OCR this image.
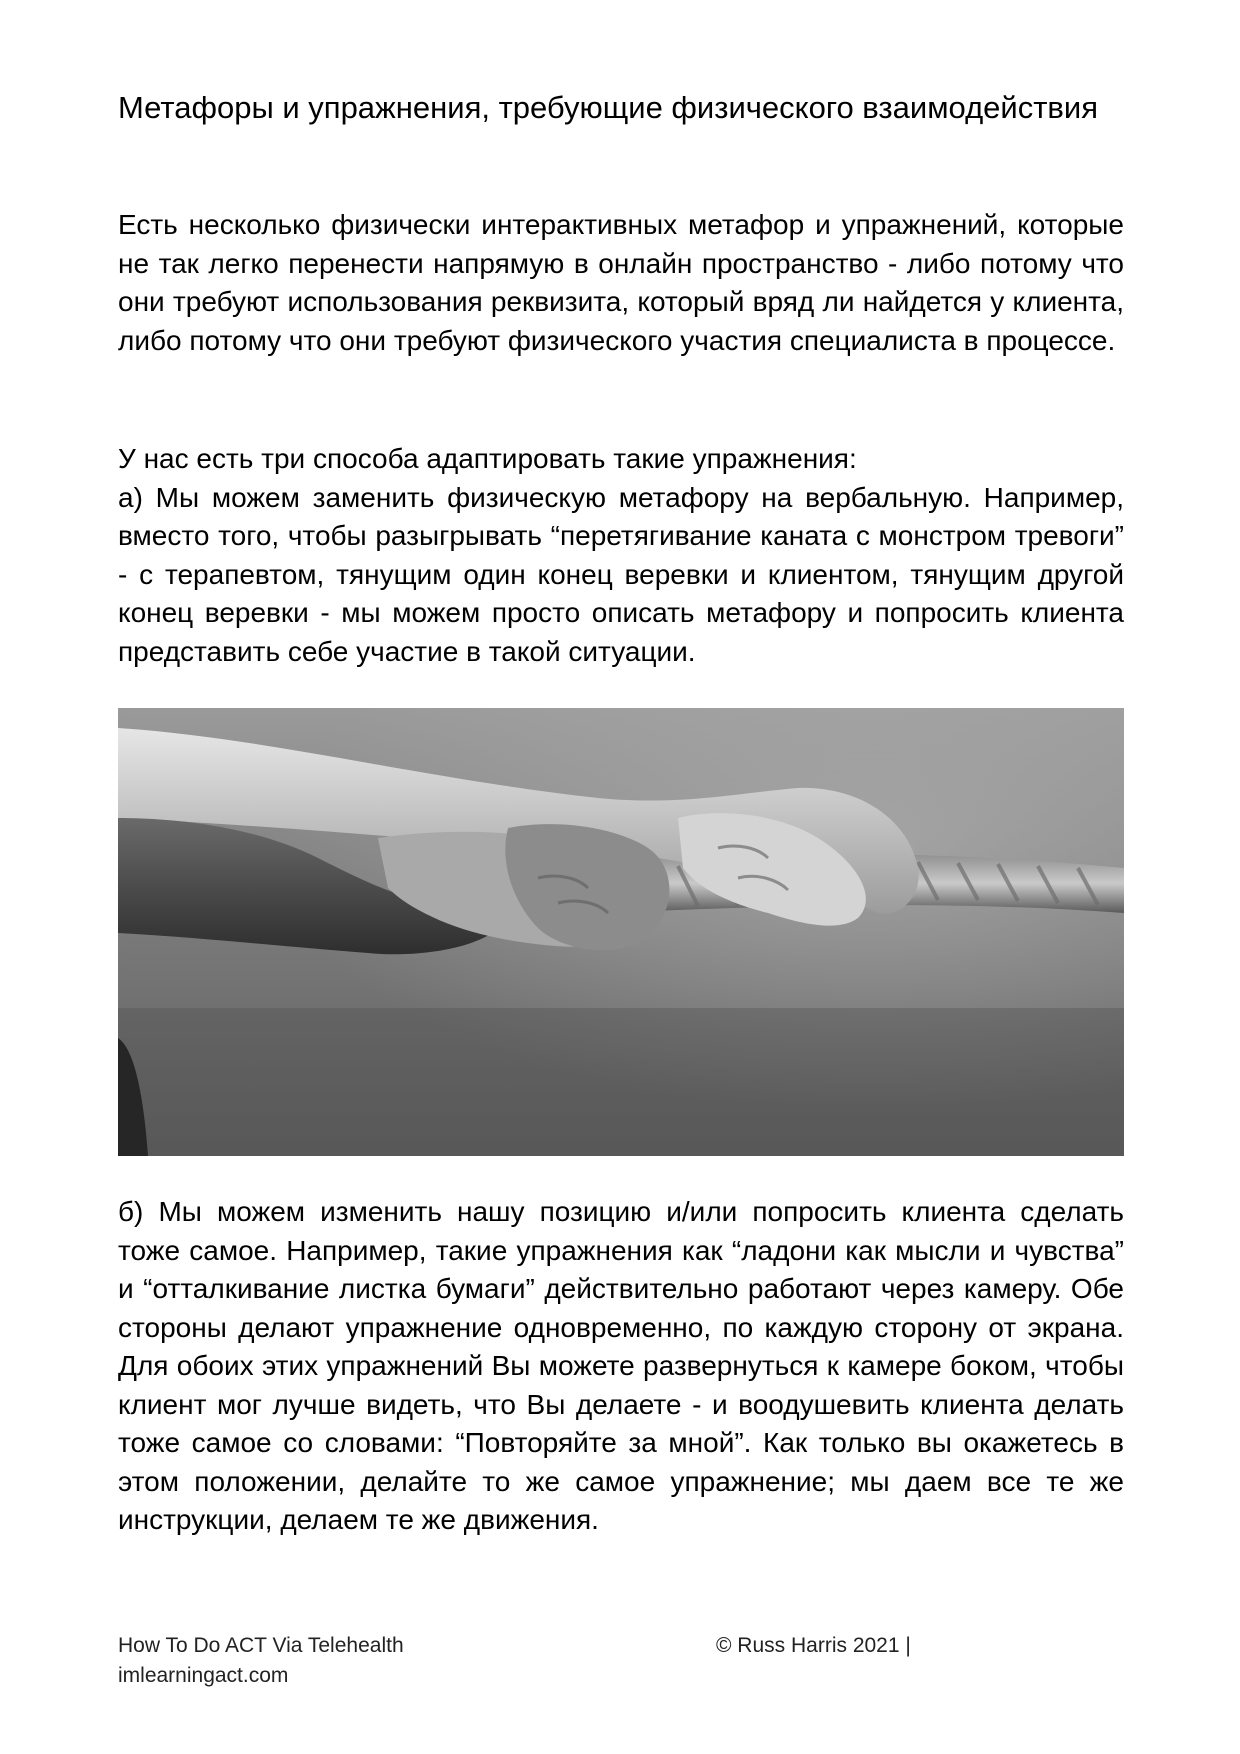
Метафоры и упражнения, требующие физического взаимодействия

Есть несколько физически интерактивных метафор и упражнений, которые не так легко перенести напрямую в онлайн пространство - либо потому что они требуют использования реквизита, который вряд ли найдется у клиента, либо потому что они требуют физического участия специалиста в процессе.

У нас есть три способа адаптировать такие упражнения:
а) Мы можем заменить физическую метафору на вербальную. Например, вместо того, чтобы разыгрывать “перетягивание каната с монстром тревоги” - с терапевтом, тянущим один конец веревки и клиентом, тянущим другой конец веревки - мы можем просто описать метафору и попросить клиента представить себе участие в такой ситуации.

б) Мы можем изменить нашу позицию и/или попросить клиента сделать тоже самое. Например, такие упражнения как “ладони как мысли и чувства” и “отталкивание листка бумаги” действительно работают через камеру. Обе стороны делают упражнение одновременно, по каждую сторону от экрана. Для обоих этих упражнений Вы можете развернуться к камере боком, чтобы клиент мог лучше видеть, что Вы делаете - и воодушевить клиента делать тоже самое со словами: “Повторяйте за мной”. Как только вы окажетесь в этом положении, делайте то же самое упражнение; мы даем все те же инструкции, делаем те же движения.

How To Do ACT Via Telehealth
imlearningact.com
© Russ Harris 2021 |
